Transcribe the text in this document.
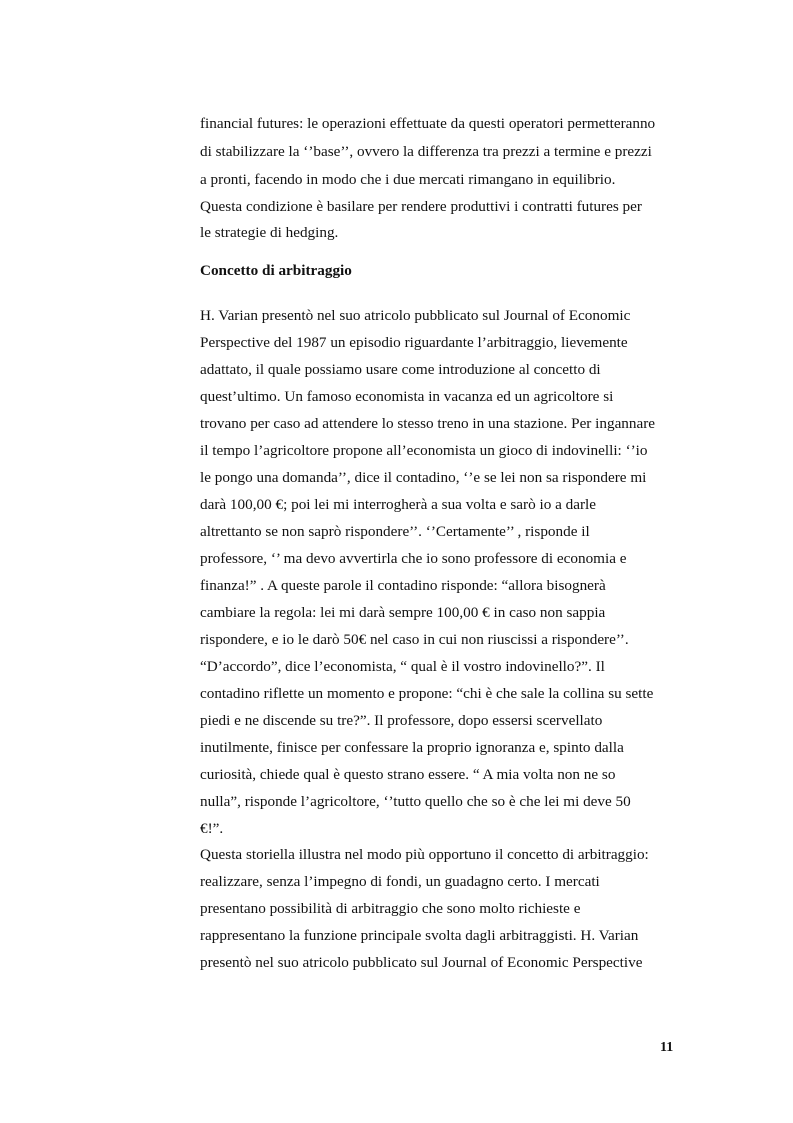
financial futures: le operazioni effettuate da questi operatori permetteranno
di stabilizzare la ‘’base’’, ovvero la differenza tra prezzi a termine e prezzi
a pronti, facendo in modo che i due mercati rimangano in equilibrio.
Questa condizione è basilare per rendere produttivi i contratti futures per
le strategie di hedging.
Concetto di arbitraggio
H. Varian presentò nel suo atricolo pubblicato sul Journal of Economic
Perspective del 1987 un episodio riguardante l’arbitraggio, lievemente
adattato, il quale possiamo usare come introduzione al concetto di
quest’ultimo. Un famoso economista in vacanza ed un agricoltore si
trovano per caso ad attendere lo stesso treno in una stazione. Per ingannare
il tempo l’agricoltore propone all’economista un gioco di indovinelli: ‘’io
le pongo una domanda’’, dice il contadino, ‘’e se lei non sa rispondere mi
darà 100,00 €; poi lei mi interrogherà a sua volta e sarò io a darle
altrettanto se non saprò rispondere’’. ‘’Certamente’’ , risponde il
professore, ‘’ ma devo avvertirla che io sono professore di economia e
finanza!” . A queste parole il contadino risponde: “allora bisognerà
cambiare la regola: lei mi darà sempre 100,00 € in caso non sappia
rispondere, e io le darò 50€ nel caso in cui non riuscissi a rispondere’’.
“D’accordo”, dice l’economista, “ qual è il vostro indovinello?”. Il
contadino riflette un momento e propone: “chi è che sale la collina su sette
piedi e ne discende su tre?”. Il professore, dopo essersi scervellato
inutilmente, finisce per confessare la proprio ignoranza e, spinto dalla
curiosità, chiede qual è questo strano essere. “ A mia volta non ne so
nulla”, risponde l’agricoltore, ‘’tutto quello che so è che lei mi deve 50
€!”.
Questa storiella illustra nel modo più opportuno il concetto di arbitraggio:
realizzare, senza l’impegno di fondi, un guadagno certo. I mercati
presentano possibilità di arbitraggio che sono molto richieste e
rappresentano la funzione principale svolta dagli arbitraggisti. H. Varian
presentò nel suo atricolo pubblicato sul Journal of Economic Perspective
11
